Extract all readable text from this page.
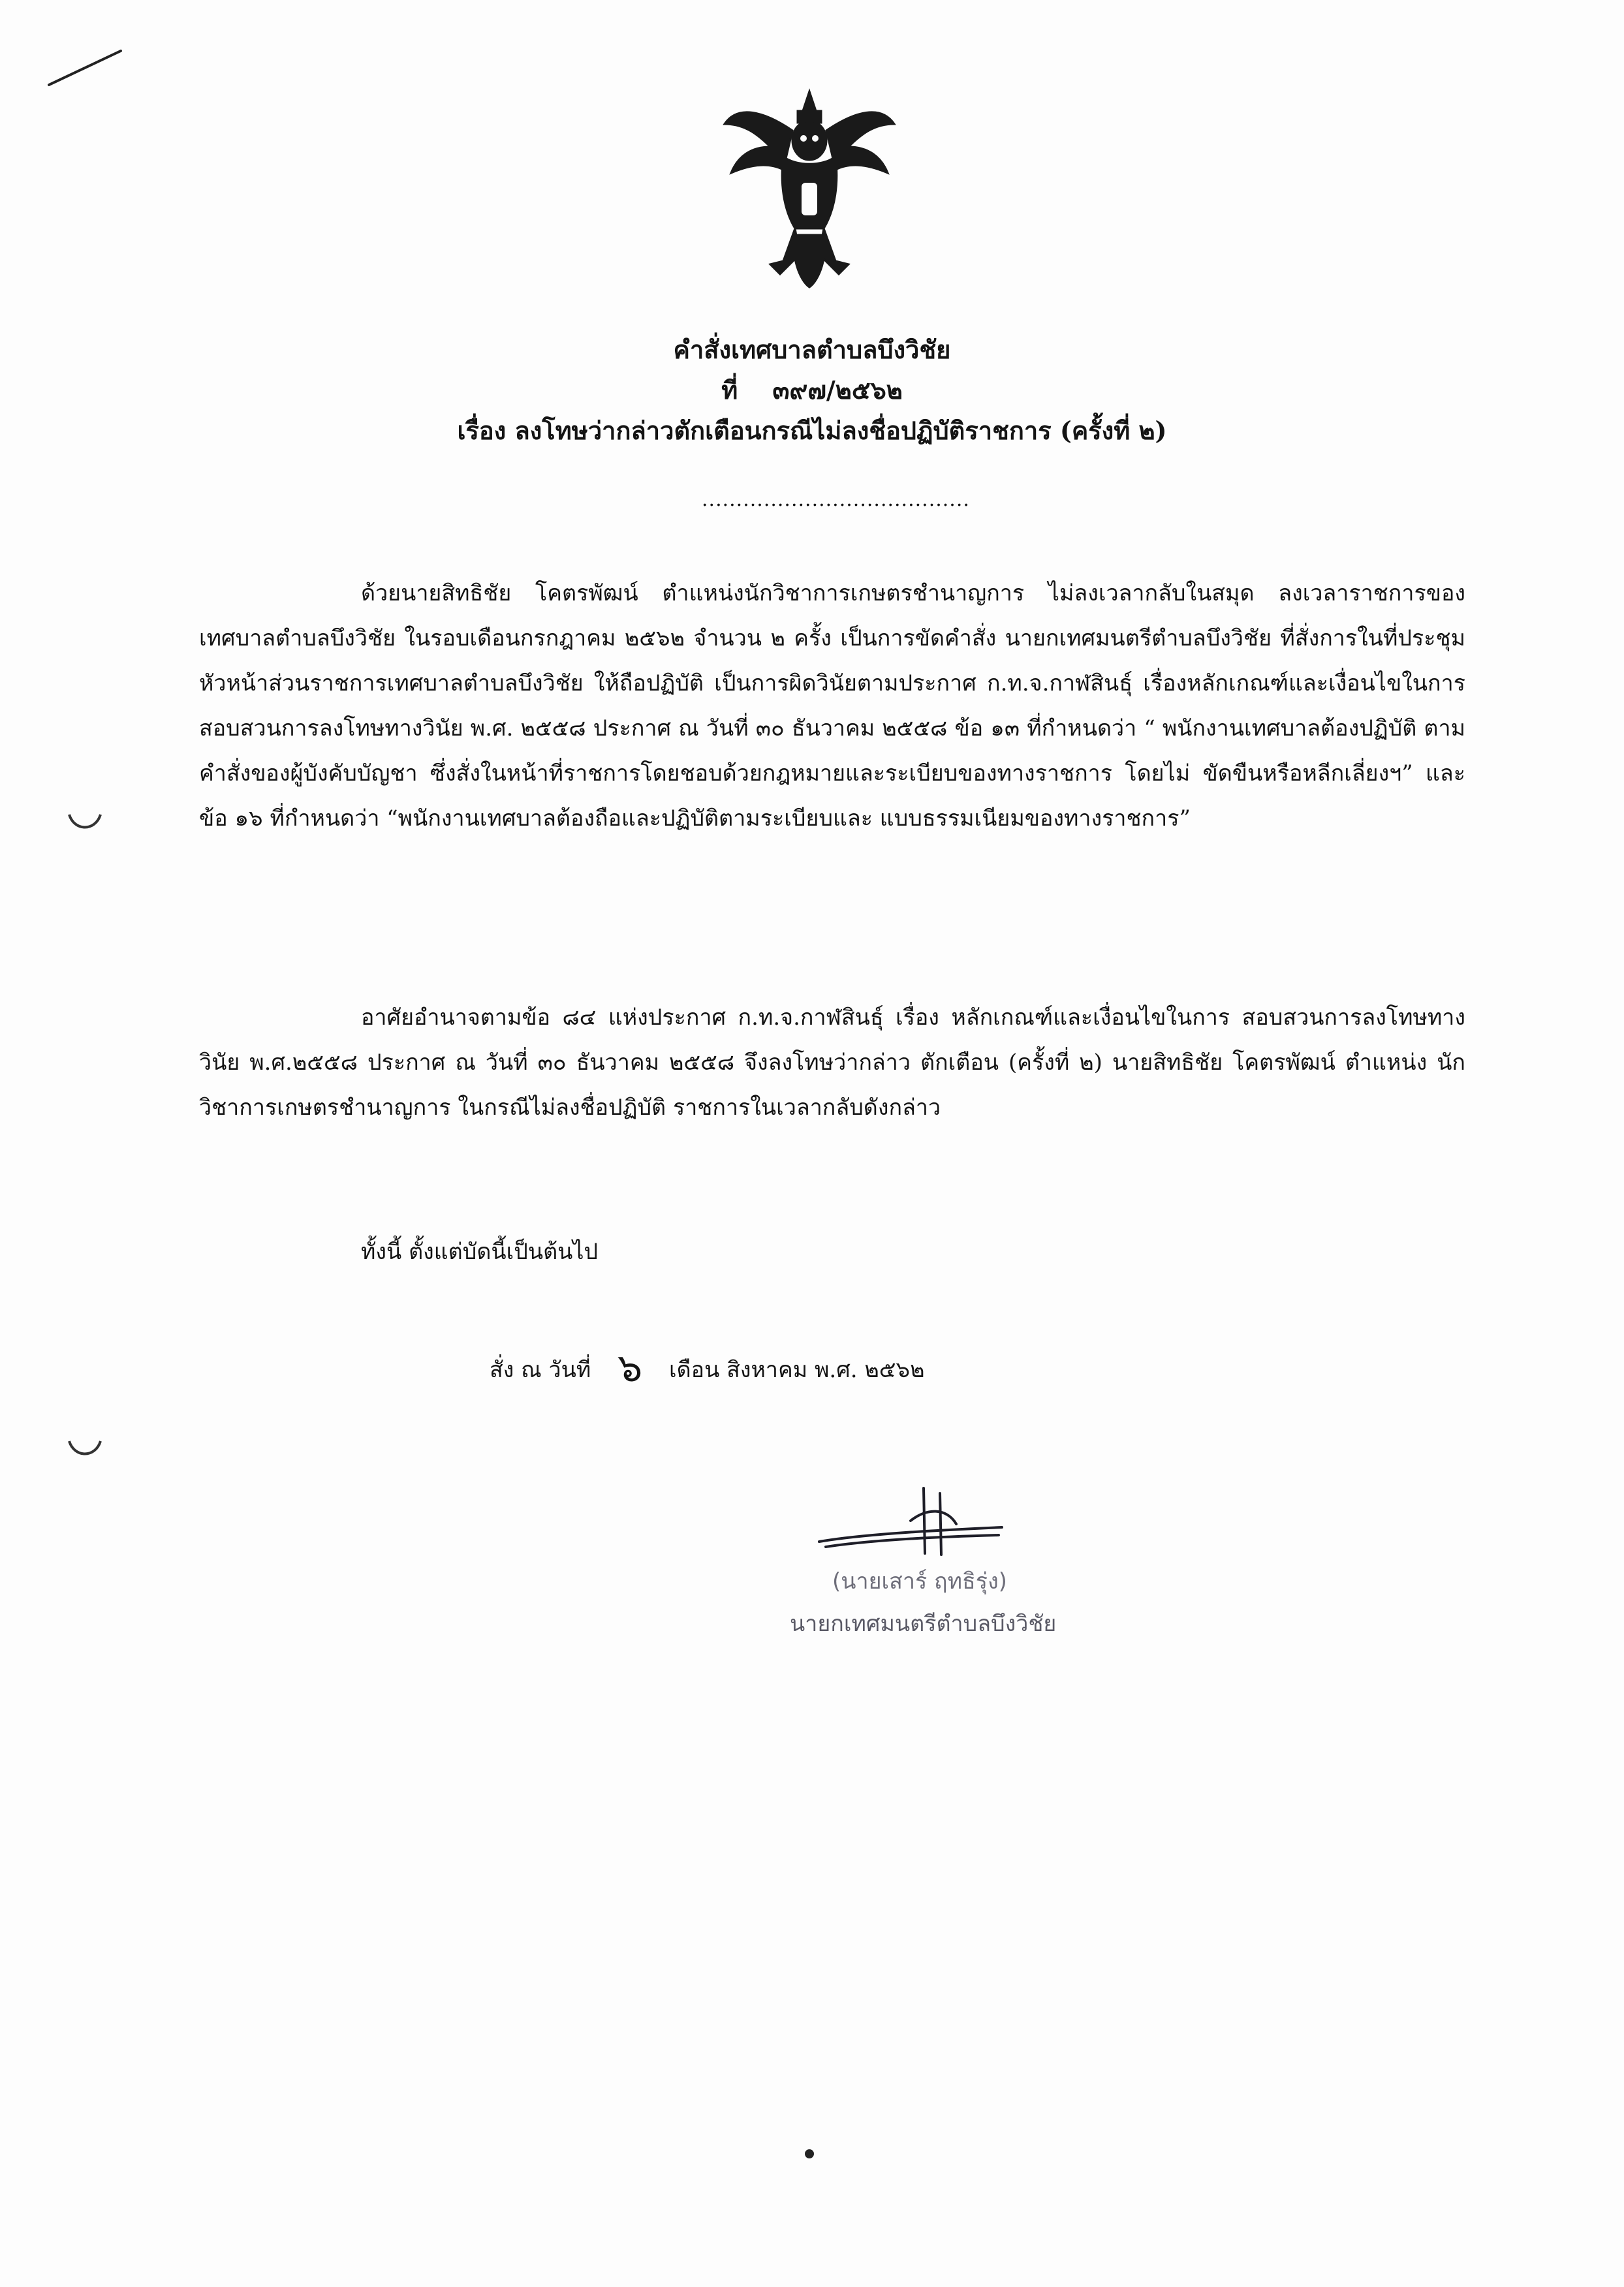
คำสั่งเทศบาลตำบลบึงวิชัย
ที่ ๓๙๗/๒๕๖๒
เรื่อง ลงโทษว่ากล่าวตักเตือนกรณีไม่ลงชื่อปฏิบัติราชการ (ครั้งที่ ๒)
.......................................

ด้วยนายสิทธิชัย โคตรพัฒน์ ตำแหน่งนักวิชาการเกษตรชำนาญการ ไม่ลงเวลากลับในสมุด ลงเวลาราชการของเทศบาลตำบลบึงวิชัย ในรอบเดือนกรกฎาคม ๒๕๖๒ จำนวน ๒ ครั้ง เป็นการขัดคำสั่ง นายกเทศมนตรีตำบลบึงวิชัย ที่สั่งการในที่ประชุมหัวหน้าส่วนราชการเทศบาลตำบลบึงวิชัย ให้ถือปฏิบัติ เป็นการผิดวินัยตามประกาศ ก.ท.จ.กาฬสินธุ์ เรื่องหลักเกณฑ์และเงื่อนไขในการสอบสวนการลงโทษทางวินัย พ.ศ. ๒๕๕๘ ประกาศ ณ วันที่ ๓๐ ธันวาคม ๒๕๕๘ ข้อ ๑๓ ที่กำหนดว่า “ พนักงานเทศบาลต้องปฏิบัติ ตามคำสั่งของผู้บังคับบัญชา ซึ่งสั่งในหน้าที่ราชการโดยชอบด้วยกฎหมายและระเบียบของทางราชการ โดยไม่ ขัดขืนหรือหลีกเลี่ยงฯ” และข้อ ๑๖ ที่กำหนดว่า “พนักงานเทศบาลต้องถือและปฏิบัติตามระเบียบและ แบบธรรมเนียมของทางราชการ”

อาศัยอำนาจตามข้อ ๘๔ แห่งประกาศ ก.ท.จ.กาฬสินธุ์ เรื่อง หลักเกณฑ์และเงื่อนไขในการ สอบสวนการลงโทษทางวินัย พ.ศ.๒๕๕๘ ประกาศ ณ วันที่ ๓๐ ธันวาคม ๒๕๕๘ จึงลงโทษว่ากล่าว ตักเตือน (ครั้งที่ ๒) นายสิทธิชัย โคตรพัฒน์ ตำแหน่ง นักวิชาการเกษตรชำนาญการ ในกรณีไม่ลงชื่อปฏิบัติ ราชการในเวลากลับดังกล่าว

ทั้งนี้ ตั้งแต่บัดนี้เป็นต้นไป
สั่ง ณ วันที่ ๖ เดือน สิงหาคม พ.ศ. ๒๕๖๒
(นายเสาร์ ฤทธิรุ่ง)
นายกเทศมนตรีตำบลบึงวิชัย
